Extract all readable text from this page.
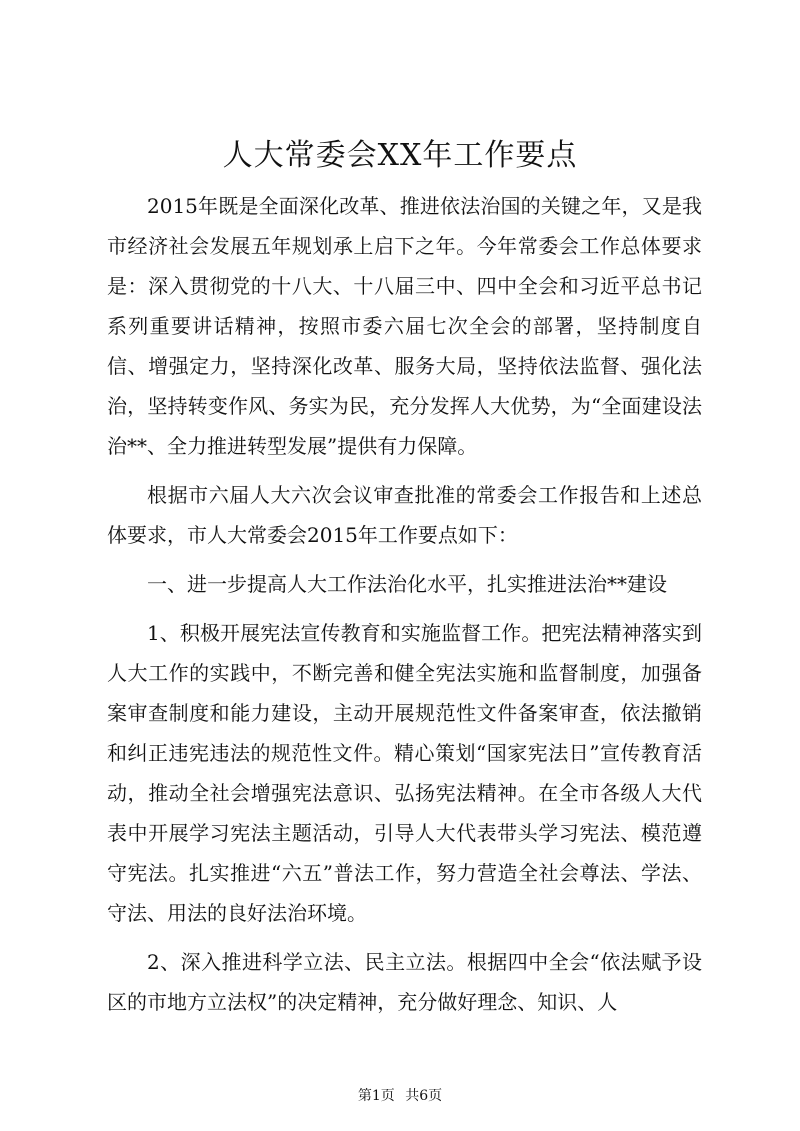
人大常委会XX年工作要点

2015年既是全面深化改革、推进依法治国的关键之年，又是我市经济社会发展五年规划承上启下之年。今年常委会工作总体要求是：深入贯彻党的十八大、十八届三中、四中全会和习近平总书记系列重要讲话精神，按照市委六届七次全会的部署，坚持制度自信、增强定力，坚持深化改革、服务大局，坚持依法监督、强化法治，坚持转变作风、务实为民，充分发挥人大优势，为“全面建设法治**、全力推进转型发展”提供有力保障。

根据市六届人大六次会议审查批准的常委会工作报告和上述总体要求，市人大常委会2015年工作要点如下：

一、进一步提高人大工作法治化水平，扎实推进法治**建设

1、积极开展宪法宣传教育和实施监督工作。把宪法精神落实到人大工作的实践中，不断完善和健全宪法实施和监督制度，加强备案审查制度和能力建设，主动开展规范性文件备案审查，依法撤销和纠正违宪违法的规范性文件。精心策划“国家宪法日”宣传教育活动，推动全社会增强宪法意识、弘扬宪法精神。在全市各级人大代表中开展学习宪法主题活动，引导人大代表带头学习宪法、模范遵守宪法。扎实推进“六五”普法工作，努力营造全社会尊法、学法、守法、用法的良好法治环境。

2、深入推进科学立法、民主立法。根据四中全会“依法赋予设区的市地方立法权”的决定精神，充分做好理念、知识、人

第1页 共6页
